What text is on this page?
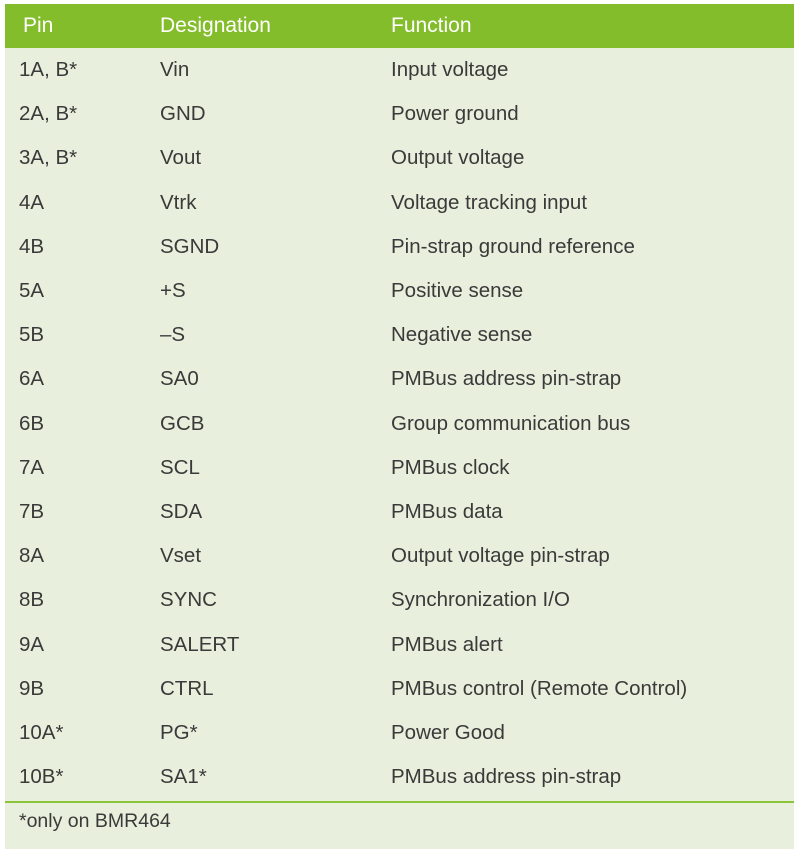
Pin	Designation	Function
1A, B*	Vin	Input voltage
2A, B*	GND	Power ground
3A, B*	Vout	Output voltage
4A	Vtrk	Voltage tracking input
4B	SGND	Pin-strap ground reference
5A	+S	Positive sense
5B	–S	Negative sense
6A	SA0	PMBus address pin-strap
6B	GCB	Group communication bus
7A	SCL	PMBus clock
7B	SDA	PMBus data
8A	Vset	Output voltage pin-strap
8B	SYNC	Synchronization I/O
9A	SALERT	PMBus alert
9B	CTRL	PMBus control (Remote Control)
10A*	PG*	Power Good
10B*	SA1*	PMBus address pin-strap
*only on BMR464
